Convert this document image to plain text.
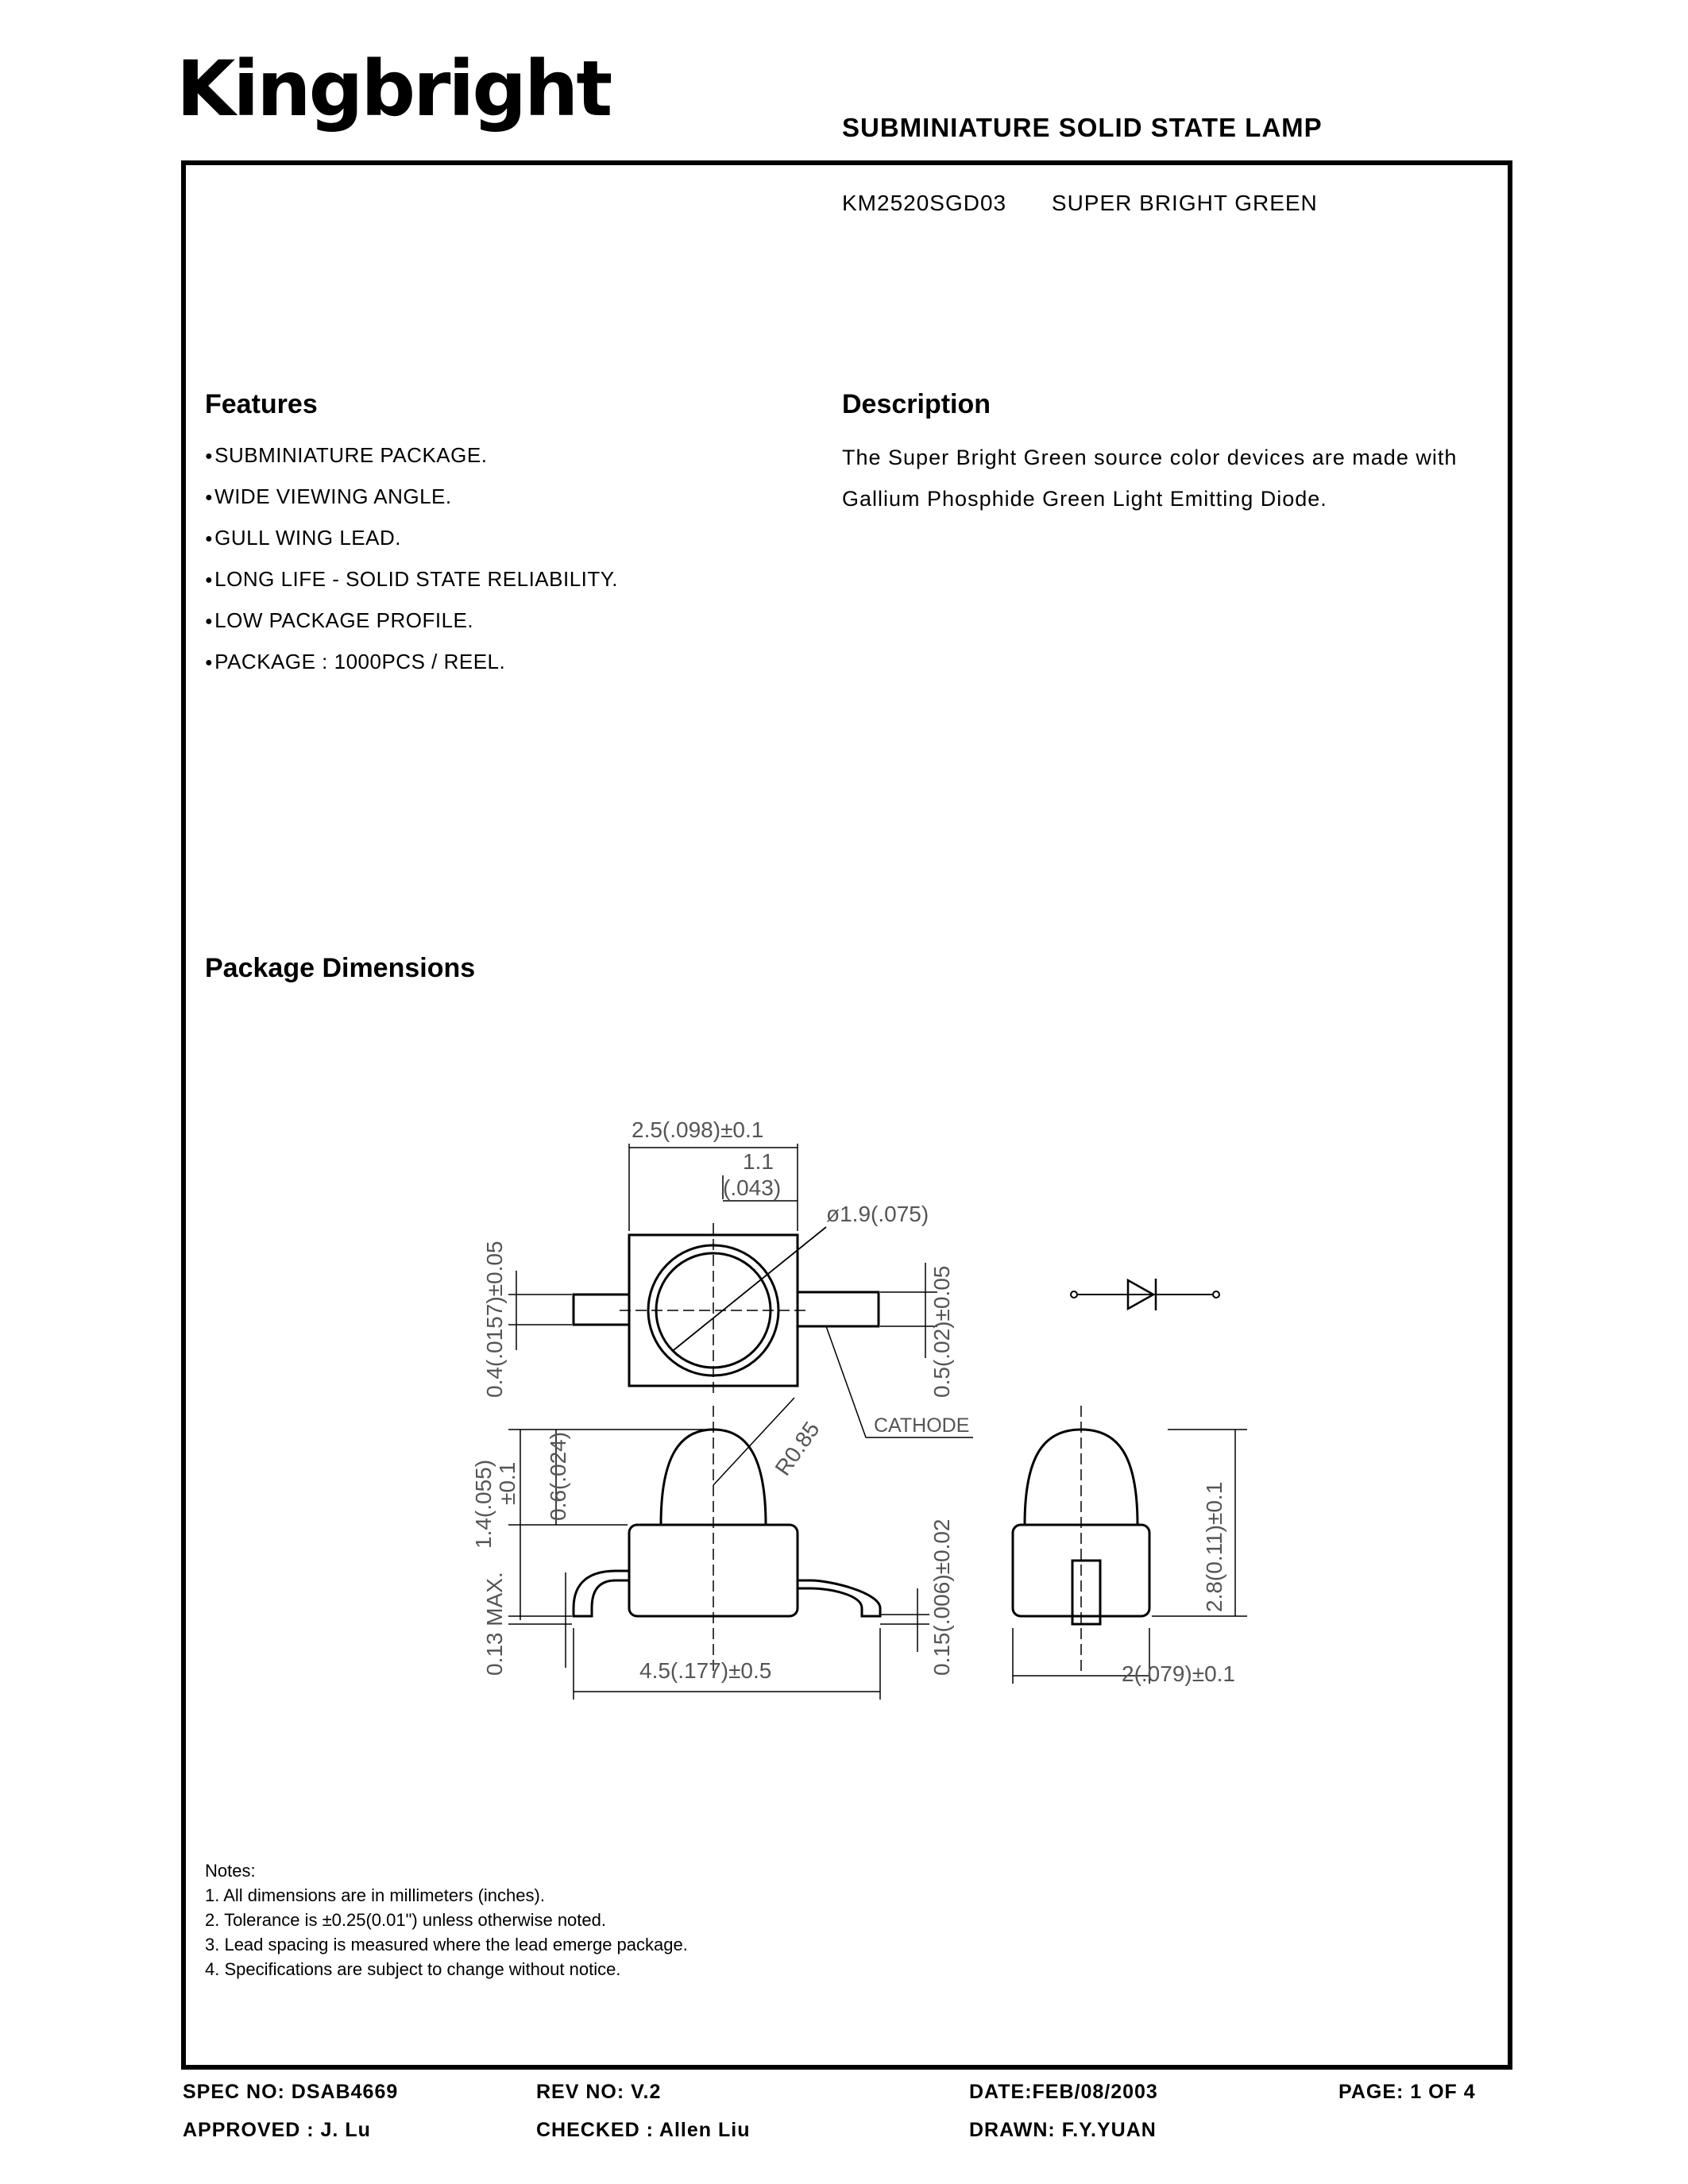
Kingbright	SUBMINIATURE SOLID STATE LAMP
KM2520SGD03 SUPER BRIGHT GREEN
Features
● SUBMINIATURE PACKAGE.
● WIDE VIEWING ANGLE.
● GULL WING LEAD.
● LONG LIFE - SOLID STATE RELIABILITY.
● LOW PACKAGE PROFILE.
● PACKAGE : 1000PCS / REEL.
Description

The Super Bright Green source color devices are made with Gallium Phosphide Green Light Emitting Diode.

Package Dimensions
2.5(.098)±0.1
1.1
(.043)
ø1.9(.075)
CATHODE
2(.079)±0.1
4.5(.177)±0.5
0.4(.0157)±0.05	0.5(.02)±0.05
R0.85
1.4(.055) ±0.1 0.6(.024)
0.13 MAX.	0.15(.006)±0.02	2.8(0.11)±0.1
Notes:
1. All dimensions are in millimeters (inches).
2. Tolerance is ±0.25(0.01") unless otherwise noted.
3. Lead spacing is measured where the lead emerge package.
4. Specifications are subject to change without notice.
SPEC NO: DSAB4669	REV NO: V.2	DATE:FEB/08/2003	PAGE: 1 OF 4
APPROVED : J. Lu	CHECKED : Allen Liu	DRAWN: F.Y.YUAN
